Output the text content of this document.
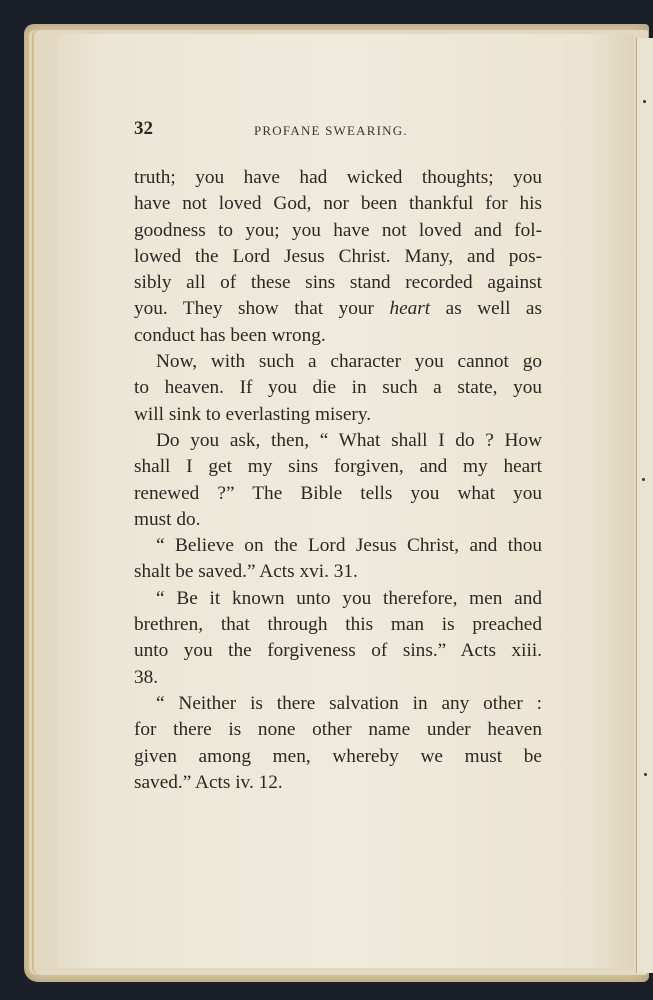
32	PROFANE SWEARING.
truth; you have had wicked thoughts; you
have not loved God, nor been thankful for his
goodness to you; you have not loved and fol-
lowed the Lord Jesus Christ. Many, and pos-
sibly all of these sins stand recorded against
you. They show that your heart as well as
conduct has been wrong.
Now, with such a character you cannot go
to heaven. If you die in such a state, you
will sink to everlasting misery.
Do you ask, then, “ What shall I do ? How
shall I get my sins forgiven, and my heart
renewed ?” The Bible tells you what you
must do.
“ Believe on the Lord Jesus Christ, and thou
shalt be saved.” Acts xvi. 31.
“ Be it known unto you therefore, men and
brethren, that through this man is preached
unto you the forgiveness of sins.” Acts xiii.
38.
“ Neither is there salvation in any other :
for there is none other name under heaven
given among men, whereby we must be
saved.” Acts iv. 12.
